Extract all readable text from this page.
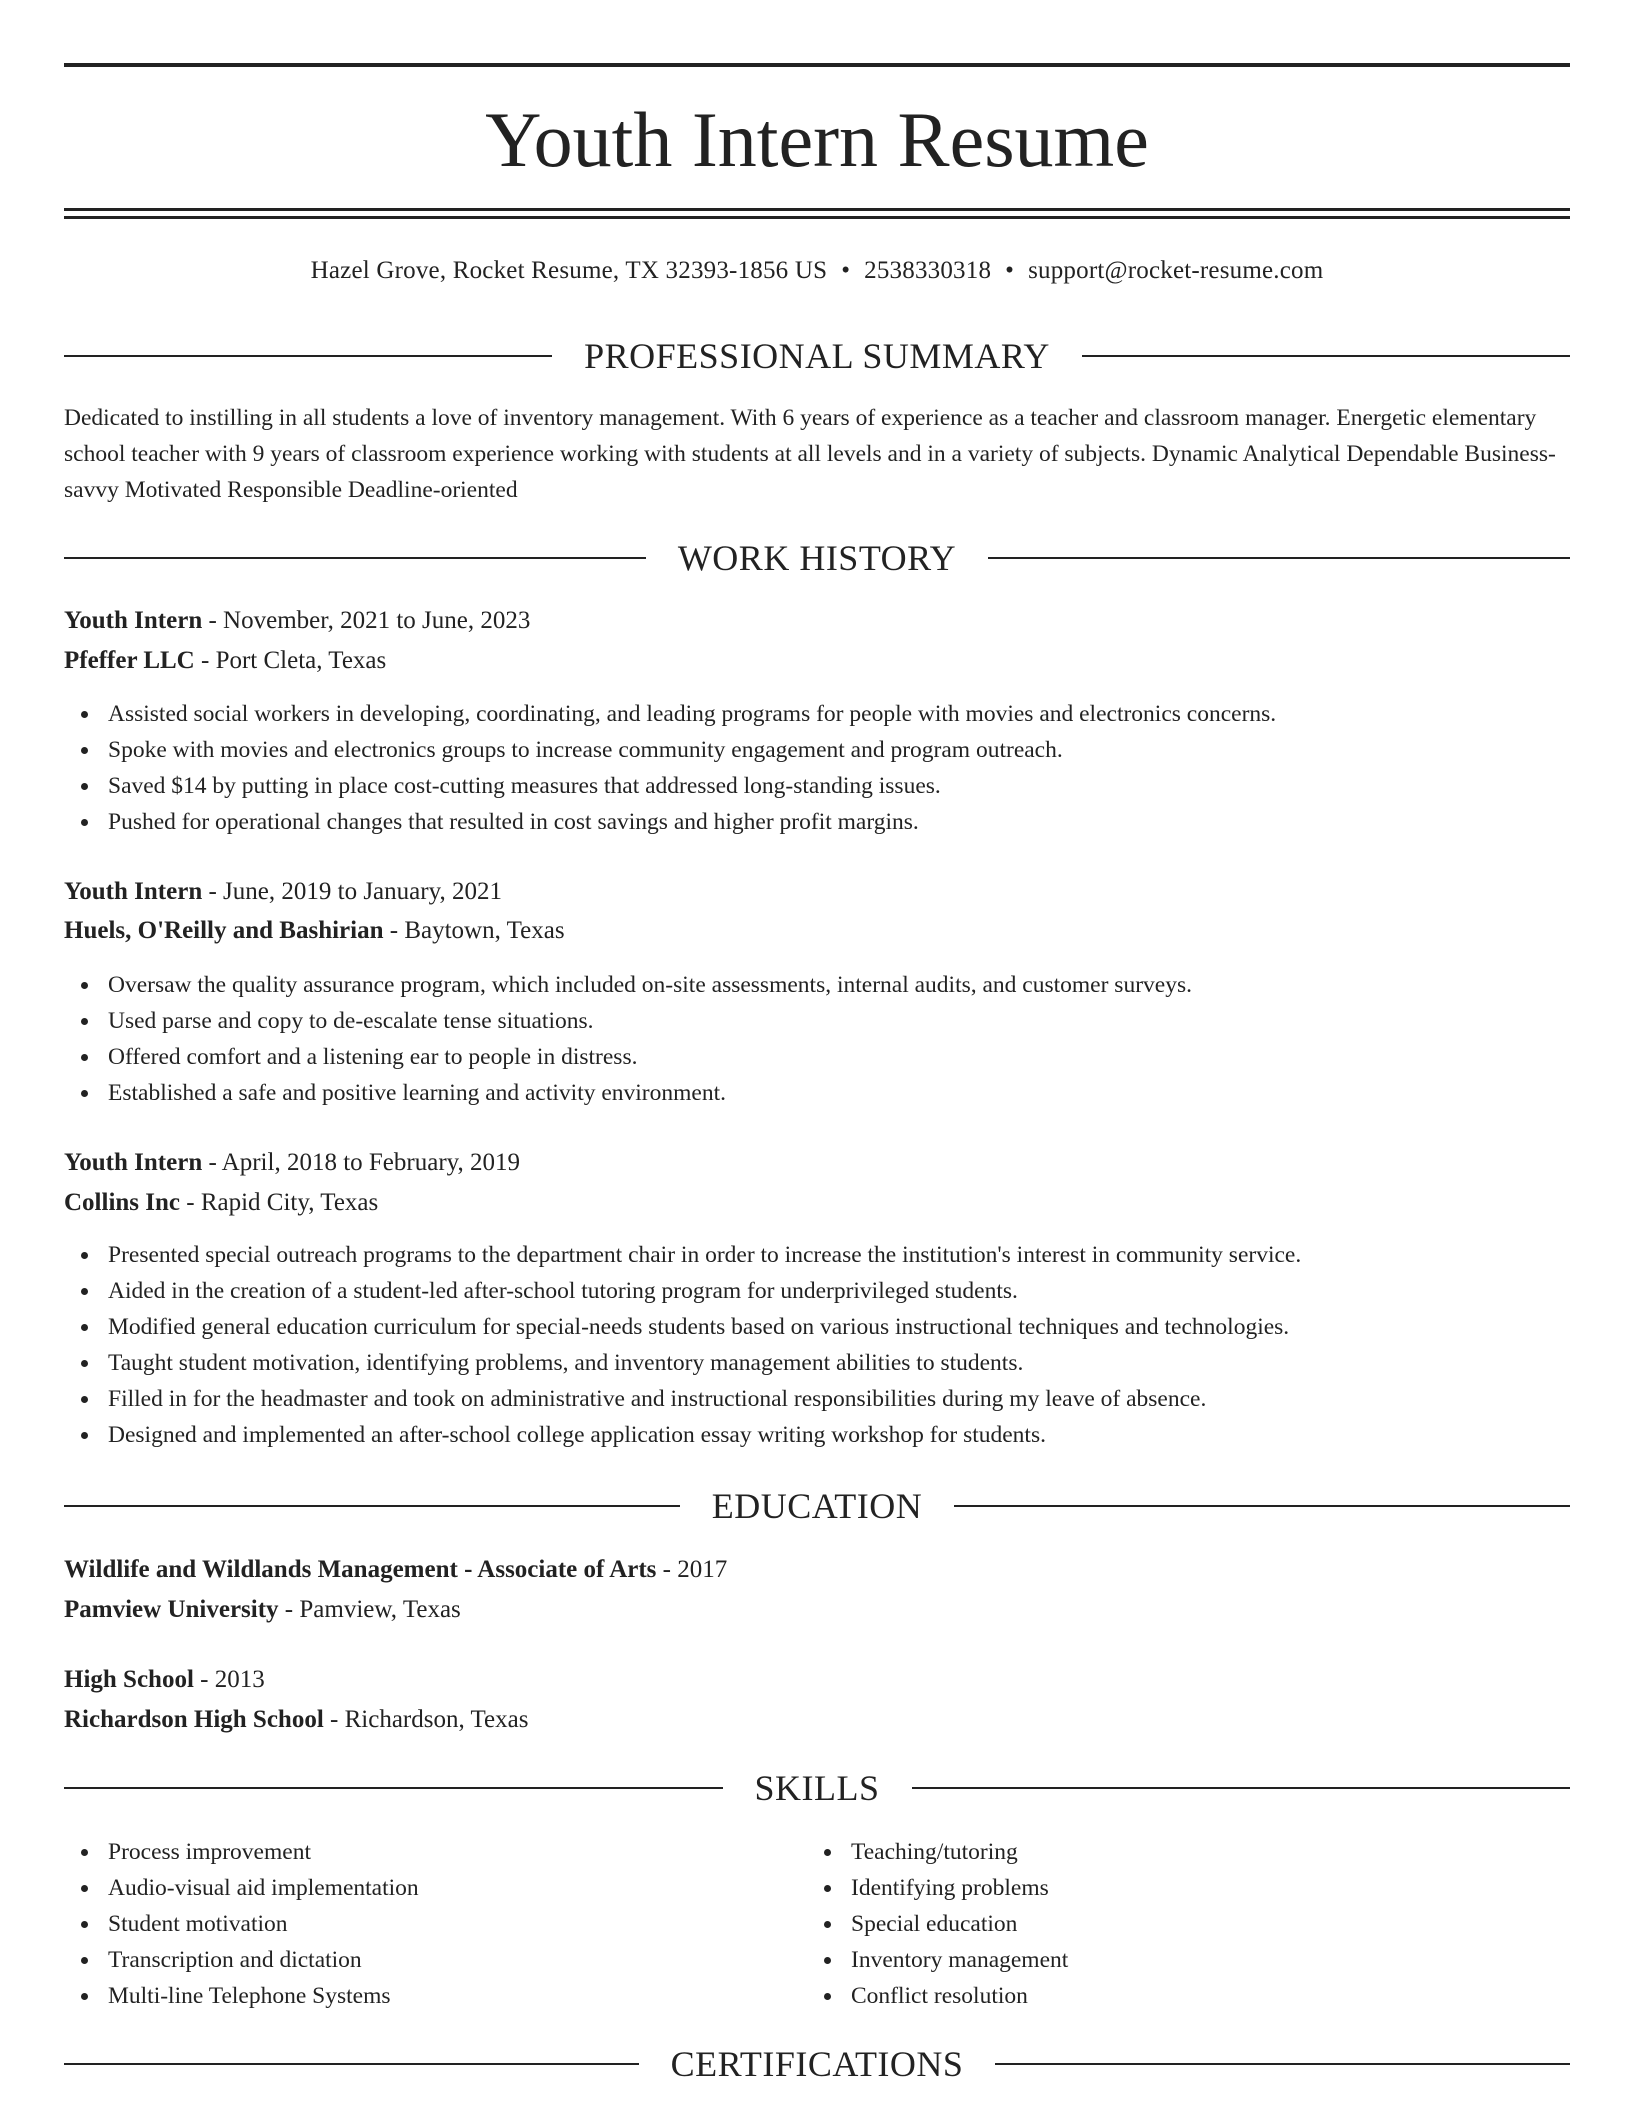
Youth Intern Resume
Hazel Grove, Rocket Resume, TX 32393-1856 US • 2538330318 • support@rocket-resume.com
PROFESSIONAL SUMMARY
Dedicated to instilling in all students a love of inventory management. With 6 years of experience as a teacher and classroom manager. Energetic elementary school teacher with 9 years of classroom experience working with students at all levels and in a variety of subjects. Dynamic Analytical Dependable Business-savvy Motivated Responsible Deadline-oriented
WORK HISTORY
Youth Intern - November, 2021 to June, 2023
Pfeffer LLC - Port Cleta, Texas
Assisted social workers in developing, coordinating, and leading programs for people with movies and electronics concerns.
Spoke with movies and electronics groups to increase community engagement and program outreach.
Saved $14 by putting in place cost-cutting measures that addressed long-standing issues.
Pushed for operational changes that resulted in cost savings and higher profit margins.
Youth Intern - June, 2019 to January, 2021
Huels, O'Reilly and Bashirian - Baytown, Texas
Oversaw the quality assurance program, which included on-site assessments, internal audits, and customer surveys.
Used parse and copy to de-escalate tense situations.
Offered comfort and a listening ear to people in distress.
Established a safe and positive learning and activity environment.
Youth Intern - April, 2018 to February, 2019
Collins Inc - Rapid City, Texas
Presented special outreach programs to the department chair in order to increase the institution's interest in community service.
Aided in the creation of a student-led after-school tutoring program for underprivileged students.
Modified general education curriculum for special-needs students based on various instructional techniques and technologies.
Taught student motivation, identifying problems, and inventory management abilities to students.
Filled in for the headmaster and took on administrative and instructional responsibilities during my leave of absence.
Designed and implemented an after-school college application essay writing workshop for students.
EDUCATION
Wildlife and Wildlands Management - Associate of Arts - 2017
Pamview University - Pamview, Texas
High School - 2013
Richardson High School - Richardson, Texas
SKILLS
Process improvement
Audio-visual aid implementation
Student motivation
Transcription and dictation
Multi-line Telephone Systems
Teaching/tutoring
Identifying problems
Special education
Inventory management
Conflict resolution
CERTIFICATIONS
